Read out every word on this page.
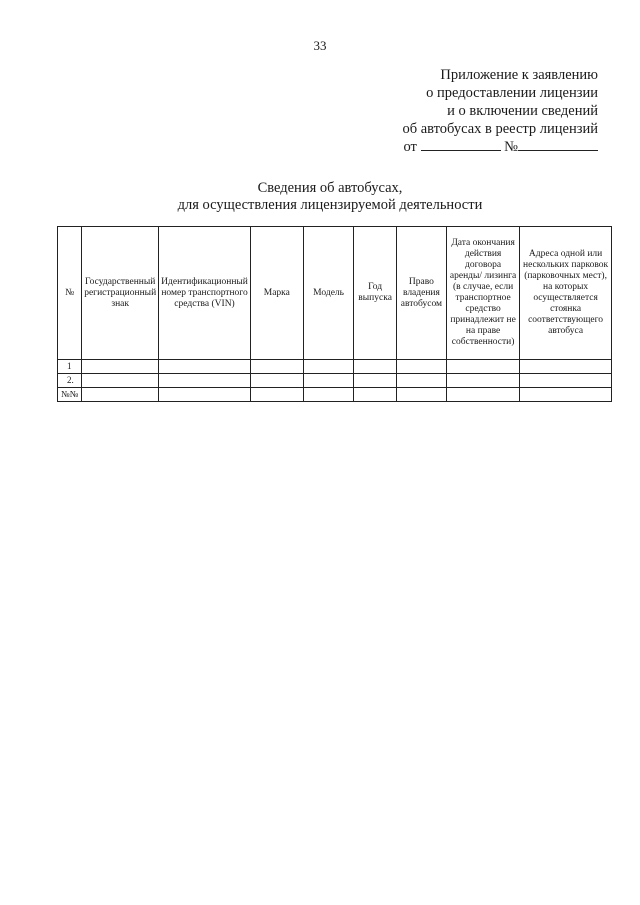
33
Приложение к заявлению
о предоставлении лицензии
и о включении сведений
об автобусах в реестр лицензий
от	№
Сведения об автобусах,
для осуществления лицензируемой деятельности
№	Государственный регистрационный знак	Идентификационный номер транспортного средства (VIN)	Марка	Модель	Год выпуска	Право владения автобусом	Дата окончания действия договора аренды/ лизинга (в случае, если транспортное средство принадлежит не на праве собственности)	Адреса одной или нескольких парковок (парковочных мест), на которых осуществляется стоянка соответствующего автобуса
1								
2.								
№№								
